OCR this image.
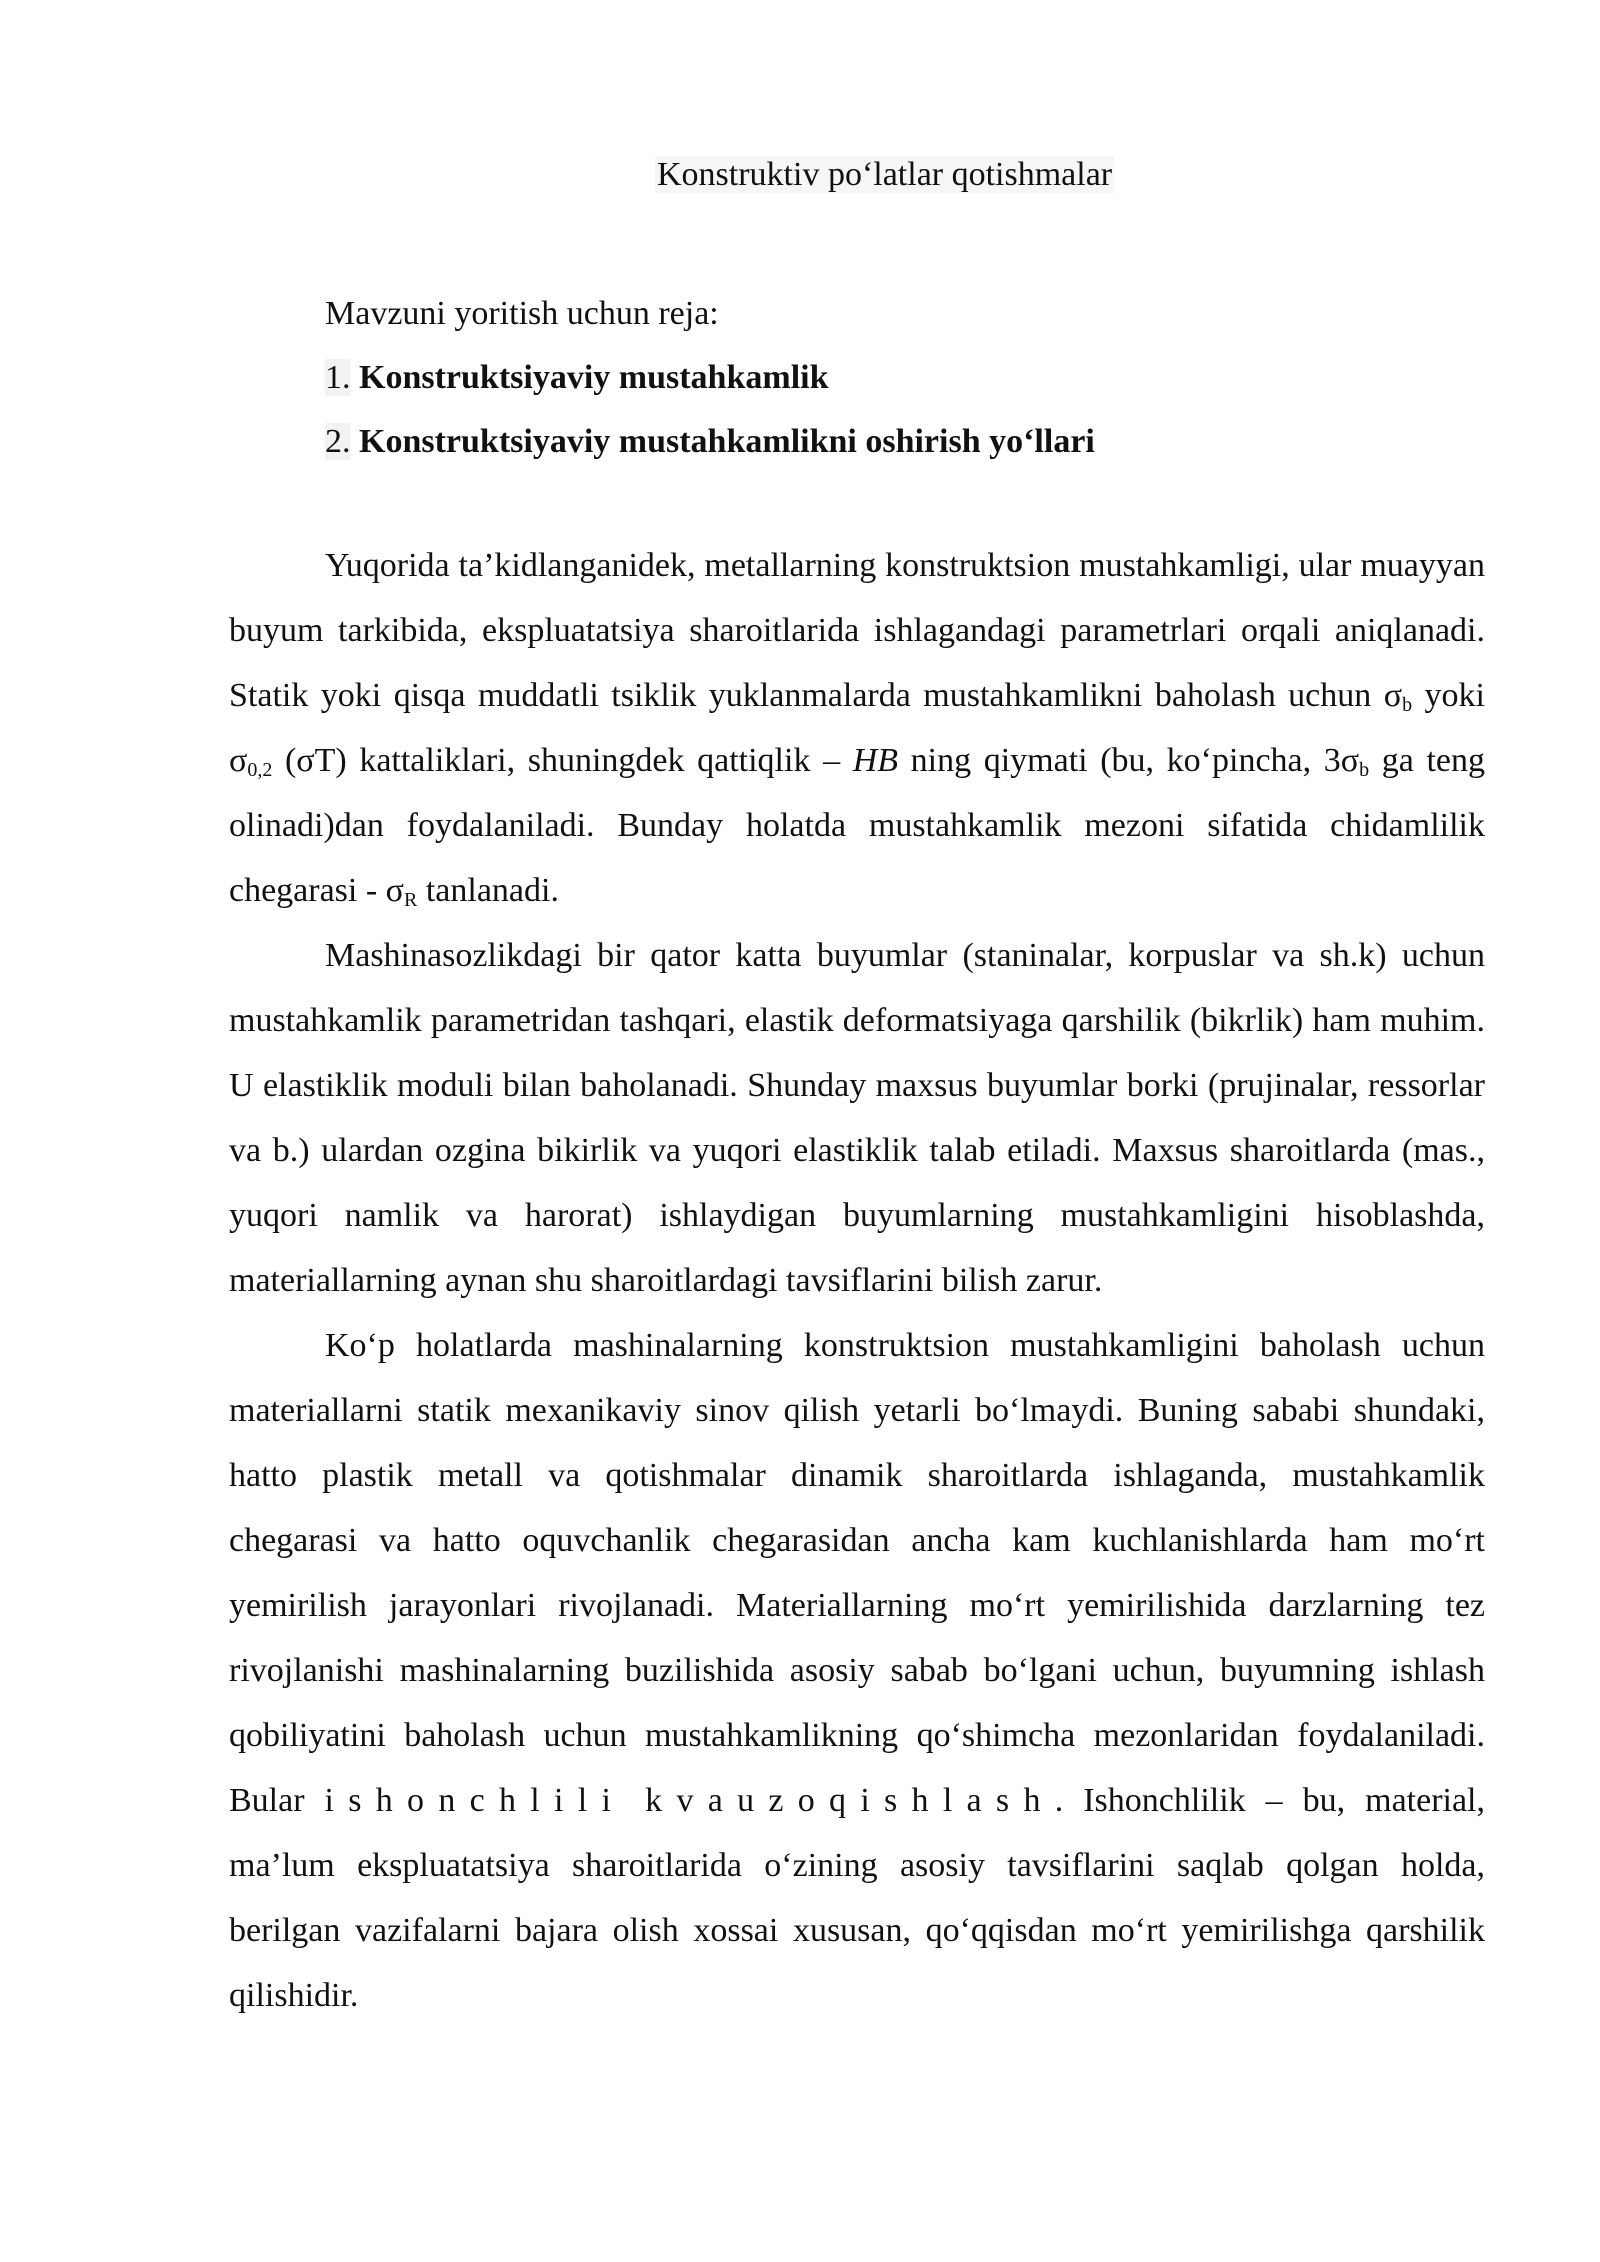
Konstruktiv po‘latlar qotishmalar
Mavzuni yoritish uchun reja:
1. Konstruktsiyaviy mustahkamlik
2. Konstruktsiyaviy mustahkamlikni oshirish yo‘llari

Yuqorida ta’kidlanganidek, metallarning konstruktsion mustahkamligi, ular muayyan buyum tarkibida, ekspluatatsiya sharoitlarida ishlagandagi parametrlari orqali aniqlanadi. Statik yoki qisqa muddatli tsiklik yuklanmalarda mustahkamlikni baholash uchun $\sigma_b$ yoki $\sigma_{0,2}$ (σT) kattaliklari, shuningdek qattiqlik – HB ning qiymati (bu, ko‘pincha, $3\sigma_b$ ga teng olinadi)dan foydalaniladi. Bunday holatda mustahkamlik mezoni sifatida chidamlilik chegarasi - $\sigma_R$ tanlanadi.

Mashinasozlikdagi bir qator katta buyumlar (staninalar, korpuslar va sh.k) uchun mustahkamlik parametridan tashqari, elastik deformatsiyaga qarshilik (bikrlik) ham muhim. U elastiklik moduli bilan baholanadi. Shunday maxsus buyumlar borki (prujinalar, ressorlar va b.) ulardan ozgina bikirlik va yuqori elastiklik talab etiladi. Maxsus sharoitlarda (mas., yuqori namlik va harorat) ishlaydigan buyumlarning mustahkamligini hisoblashda, materiallarning aynan shu sharoitlardagi tavsiflarini bilish zarur.

Ko‘p holatlarda mashinalarning konstruktsion mustahkamligini baholash uchun materiallarni statik mexanikaviy sinov qilish yetarli bo‘lmaydi. Buning sababi shundaki, hatto plastik metall va qotishmalar dinamik sharoitlarda ishlaganda, mustahkamlik chegarasi va hatto oquvchanlik chegarasidan ancha kam kuchlanishlarda ham mo‘rt yemirilish jarayonlari rivojlanadi. Materiallarning mo‘rt yemirilishida darzlarning tez rivojlanishi mashinalarning buzilishida asosiy sabab bo‘lgani uchun, buyumning ishlash qobiliyatini baholash uchun mustahkamlikning qo‘shimcha mezonlaridan foydalaniladi. Bular ishonchlili kvauzoqishlash. Ishonchlilik – bu, material, ma’lum ekspluatatsiya sharoitlarida o‘zining asosiy tavsiflarini saqlab qolgan holda, berilgan vazifalarni bajara olish xossai xususan, qo‘qqisdan mo‘rt yemirilishga qarshilik qilishidir.
